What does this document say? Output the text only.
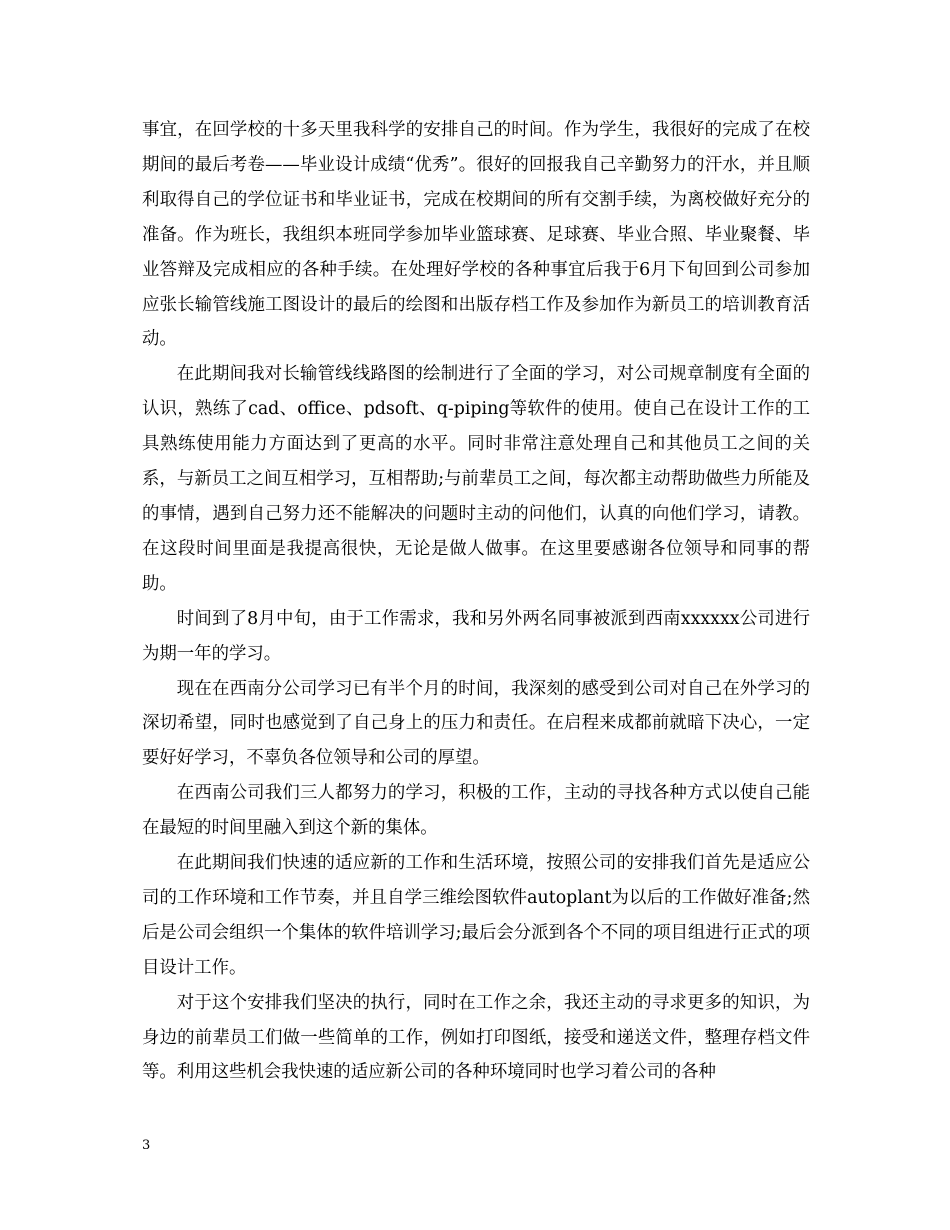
事宜，在回学校的十多天里我科学的安排自己的时间。作为学生，我很好的完成了在校期间的最后考卷——毕业设计成绩“优秀”。很好的回报我自己辛勤努力的汗水，并且顺利取得自己的学位证书和毕业证书，完成在校期间的所有交割手续，为离校做好充分的准备。作为班长，我组织本班同学参加毕业篮球赛、足球赛、毕业合照、毕业聚餐、毕业答辩及完成相应的各种手续。在处理好学校的各种事宜后我于6月下旬回到公司参加应张长输管线施工图设计的最后的绘图和出版存档工作及参加作为新员工的培训教育活动。

在此期间我对长输管线线路图的绘制进行了全面的学习，对公司规章制度有全面的认识，熟练了cad、office、pdsoft、q-piping等软件的使用。使自己在设计工作的工具熟练使用能力方面达到了更高的水平。同时非常注意处理自己和其他员工之间的关系，与新员工之间互相学习，互相帮助;与前辈员工之间，每次都主动帮助做些力所能及的事情，遇到自己努力还不能解决的问题时主动的问他们，认真的向他们学习，请教。在这段时间里面是我提高很快，无论是做人做事。在这里要感谢各位领导和同事的帮助。

时间到了8月中旬，由于工作需求，我和另外两名同事被派到西南xxxxxx公司进行为期一年的学习。

现在在西南分公司学习已有半个月的时间，我深刻的感受到公司对自己在外学习的深切希望，同时也感觉到了自己身上的压力和责任。在启程来成都前就暗下决心，一定要好好学习，不辜负各位领导和公司的厚望。

在西南公司我们三人都努力的学习，积极的工作，主动的寻找各种方式以使自己能在最短的时间里融入到这个新的集体。

在此期间我们快速的适应新的工作和生活环境，按照公司的安排我们首先是适应公司的工作环境和工作节奏，并且自学三维绘图软件autoplant为以后的工作做好准备;然后是公司会组织一个集体的软件培训学习;最后会分派到各个不同的项目组进行正式的项目设计工作。

对于这个安排我们坚决的执行，同时在工作之余，我还主动的寻求更多的知识，为身边的前辈员工们做一些简单的工作，例如打印图纸，接受和递送文件，整理存档文件等。利用这些机会我快速的适应新公司的各种环境同时也学习着公司的各种

3
